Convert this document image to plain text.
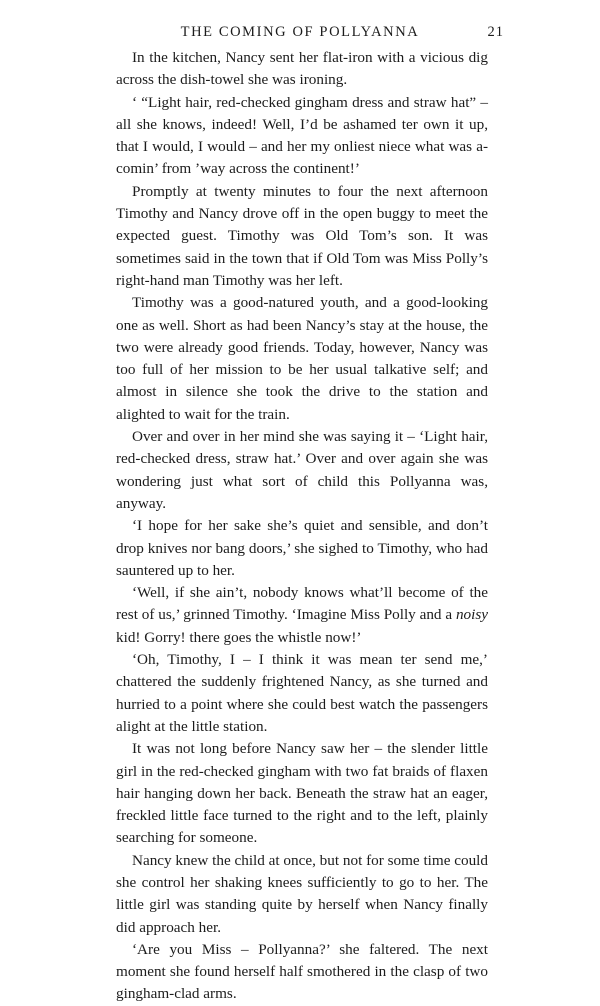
THE COMING OF POLLYANNA	21

In the kitchen, Nancy sent her flat-iron with a vicious dig across the dish-towel she was ironing.

‘ “Light hair, red-checked gingham dress and straw hat” – all she knows, indeed! Well, I’d be ashamed ter own it up, that I would, I would – and her my onliest niece what was a-comin’ from ’way across the continent!’

Promptly at twenty minutes to four the next afternoon Timothy and Nancy drove off in the open buggy to meet the expected guest. Timothy was Old Tom’s son. It was sometimes said in the town that if Old Tom was Miss Polly’s right-hand man Timothy was her left.

Timothy was a good-natured youth, and a good-looking one as well. Short as had been Nancy’s stay at the house, the two were already good friends. Today, however, Nancy was too full of her mission to be her usual talkative self; and almost in silence she took the drive to the station and alighted to wait for the train.

Over and over in her mind she was saying it – ‘Light hair, red-checked dress, straw hat.’ Over and over again she was wondering just what sort of child this Pollyanna was, anyway.

‘I hope for her sake she’s quiet and sensible, and don’t drop knives nor bang doors,’ she sighed to Timothy, who had sauntered up to her.

‘Well, if she ain’t, nobody knows what’ll become of the rest of us,’ grinned Timothy. ‘Imagine Miss Polly and a noisy kid! Gorry! there goes the whistle now!’

‘Oh, Timothy, I – I think it was mean ter send me,’ chattered the suddenly frightened Nancy, as she turned and hurried to a point where she could best watch the passengers alight at the little station.

It was not long before Nancy saw her – the slender little girl in the red-checked gingham with two fat braids of flaxen hair hanging down her back. Beneath the straw hat an eager, freckled little face turned to the right and to the left, plainly searching for someone.

Nancy knew the child at once, but not for some time could she control her shaking knees sufficiently to go to her. The little girl was standing quite by herself when Nancy finally did approach her.

‘Are you Miss – Pollyanna?’ she faltered. The next moment she found herself half smothered in the clasp of two gingham-clad arms.
